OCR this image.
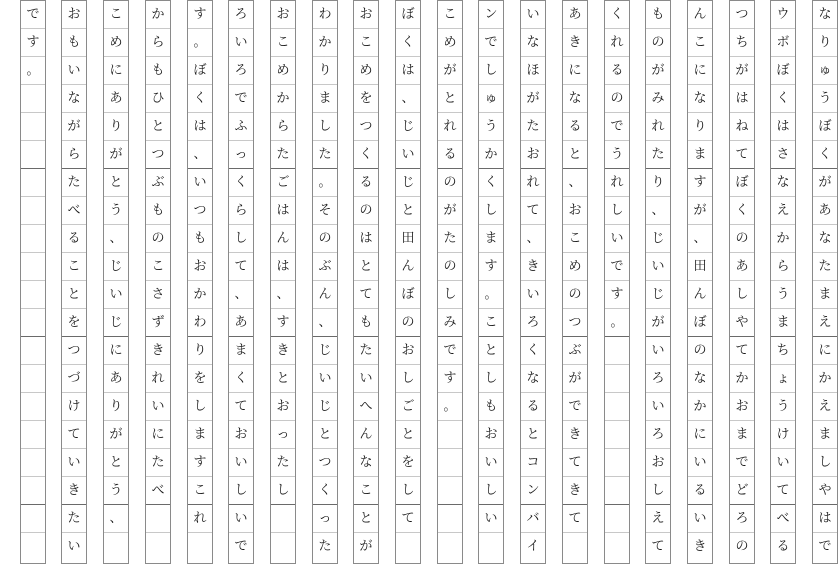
な
り
ゅ
う
ぼ
く
が
あ
な
た
ま
え
に
か
え
ま
し
や
は
で
ウ
ボ
ぼ
く
は
さ
な
え
か
ら
う
ま
ち
ょ
う
け
い
て
べ
る
つ
ち
が
は
ね
て
ぼ
く
の
あ
し
や
て
か
お
ま
で
ど
ろ
の
ん
こ
に
な
り
ま
す
が
、
田
ん
ぼ
の
な
か
に
い
る
い
き
も
の
が
み
れ
た
り
、
じ
い
じ
が
い
ろ
い
ろ
お
し
え
て
く
れ
る
の
で
う
れ
し
い
で
す
。
あ
き
に
な
る
と
、
お
こ
め
の
つ
ぶ
が
で
き
て
き
て
い
な
ほ
が
た
お
れ
て
、
き
い
ろ
く
な
る
と
コ
ン
バ
イ
ン
で
し
ゅ
う
か
く
し
ま
す
。
こ
と
し
も
お
い
し
い
こ
め
が
と
れ
る
の
が
た
の
し
み
で
す
。
ぼ
く
は
、
じ
い
じ
と
田
ん
ぼ
の
お
し
ご
と
を
し
て
お
こ
め
を
つ
く
る
の
は
と
て
も
た
い
へ
ん
な
こ
と
が
わ
か
り
ま
し
た
。
そ
の
ぶ
ん
、
じ
い
じ
と
つ
く
っ
た
お
こ
め
か
ら
た
ご
は
ん
は
、
す
き
と
お
っ
た
し
ろ
い
ろ
で
ふ
っ
く
ら
し
て
、
あ
ま
く
て
お
い
し
い
で
す
。
ぼ
く
は
、
い
つ
も
お
か
わ
り
を
し
ま
す
こ
れ
か
ら
も
ひ
と
つ
ぶ
も
の
こ
さ
ず
き
れ
い
に
た
べ
こ
め
に
あ
り
が
と
う
、
じ
い
じ
に
あ
り
が
と
う
、
お
も
い
な
が
ら
た
べ
る
こ
と
を
つ
づ
け
て
い
き
た
い
で
す
。
